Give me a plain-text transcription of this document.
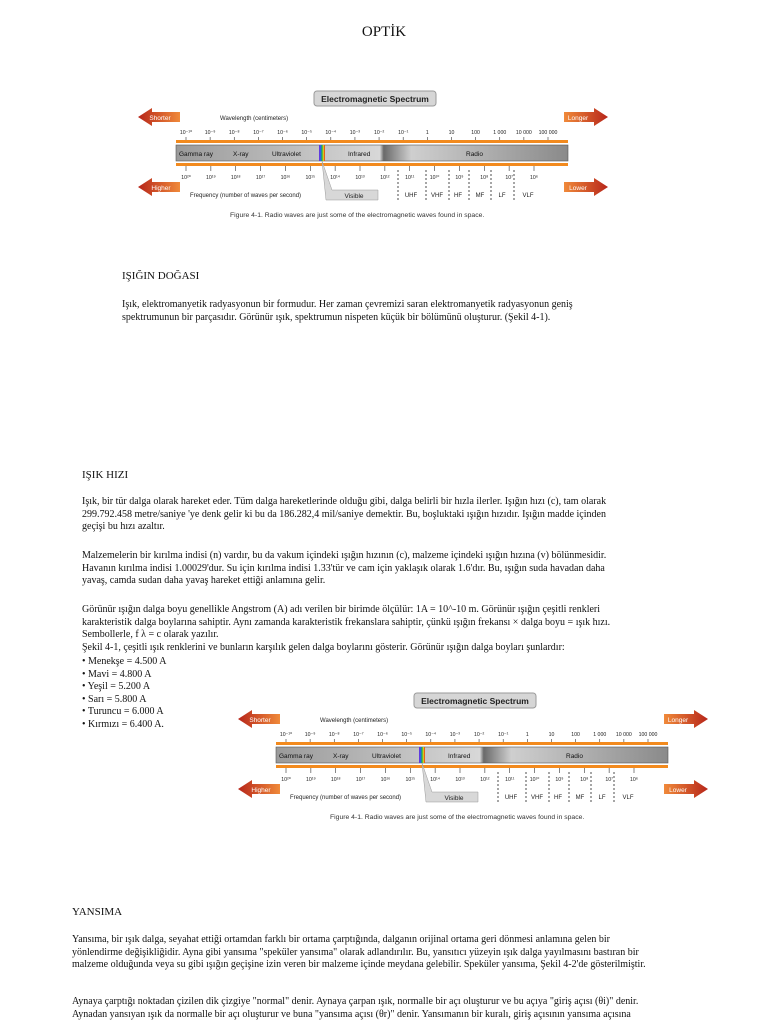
OPTİK
Electromagnetic Spectrum
Shorter	Longer
Wavelength (centimeters)
10⁻¹⁰ 10⁻⁹	10⁻⁸	10⁻⁷	10⁻⁶	10⁻⁵	10⁻⁴	10⁻³	10⁻²	10⁻¹	1	10	100	1 000 10 000 100 000
Gamma ray	X-ray	Ultraviolet	Infrared	Radio
10²⁰	10¹⁹	10¹⁸	10¹⁷	10¹⁶	10¹⁵	10¹⁴	10¹³	10¹²	10¹¹	10¹⁰	10⁹	10⁸	10⁷	10⁶
UHF VHF HF MF LF	VLF
Higher	Lower
Frequency (number of waves per second)	Visible
Figure 4-1. Radio waves are just some of the electromagnetic waves found in space.
IŞIĞIN DOĞASI
Işık, elektromanyetik radyasyonun bir formudur. Her zaman çevremizi saran elektromanyetik radyasyonun geniş
spektrumunun bir parçasıdır. Görünür ışık, spektrumun nispeten küçük bir bölümünü oluşturur. (Şekil 4-1).
IŞIK HIZI
Işık, bir tür dalga olarak hareket eder. Tüm dalga hareketlerinde olduğu gibi, dalga belirli bir hızla ilerler. Işığın hızı (c), tam olarak
299.792.458 metre/saniye 'ye denk gelir ki bu da 186.282,4 mil/saniye demektir. Bu, boşluktaki ışığın hızıdır. Işığın madde içinden
geçişi bu hızı azaltır.
Malzemelerin bir kırılma indisi (n) vardır, bu da vakum içindeki ışığın hızının (c), malzeme içindeki ışığın hızına (v) bölünmesidir.
Havanın kırılma indisi 1.00029'dur. Su için kırılma indisi 1.33'tür ve cam için yaklaşık olarak 1.6'dır. Bu, ışığın suda havadan daha
yavaş, camda sudan daha yavaş hareket ettiği anlamına gelir.
Görünür ışığın dalga boyu genellikle Angstrom (A) adı verilen bir birimde ölçülür: 1A = 10^-10 m. Görünür ışığın çeşitli renkleri
karakteristik dalga boylarına sahiptir. Aynı zamanda karakteristik frekanslara sahiptir, çünkü ışığın frekansı × dalga boyu = ışık hızı.
Sembollerle, f λ = c olarak yazılır.
Şekil 4-1, çeşitli ışık renklerini ve bunların karşılık gelen dalga boylarını gösterir. Görünür ışığın dalga boyları şunlardır:
• Menekşe = 4.500 A
• Mavi = 4.800 A
• Yeşil = 5.200 A
• Sarı = 5.800 A
• Turuncu = 6.000 A
• Kırmızı = 6.400 A.
Electromagnetic Spectrum
Shorter	Longer
Wavelength (centimeters)
10⁻¹⁰ 10⁻⁹	10⁻⁸	10⁻⁷	10⁻⁶	10⁻⁵	10⁻⁴	10⁻³	10⁻²	10⁻¹	1	10	100	1 000 10 000 100 000
Gamma ray	X-ray	Ultraviolet	Infrared	Radio
10²⁰	10¹⁹	10¹⁸	10¹⁷	10¹⁶	10¹⁵	10¹⁴	10¹³	10¹²	10¹¹	10¹⁰	10⁹	10⁸	10⁷	10⁶
UHF VHF HF MF LF	VLF
Higher	Lower
Frequency (number of waves per second)	Visible
Figure 4-1. Radio waves are just some of the electromagnetic waves found in space.
YANSIMA
Yansıma, bir ışık dalga, seyahat ettiği ortamdan farklı bir ortama çarptığında, dalganın orijinal ortama geri dönmesi anlamına gelen bir
yönlendirme değişikliğidir. Ayna gibi yansıma "speküler yansıma" olarak adlandırılır. Bu, yansıtıcı yüzeyin ışık dalga yayılmasını bastıran bir
malzeme olduğunda veya su gibi ışığın geçişine izin veren bir malzeme içinde meydana gelebilir. Speküler yansıma, Şekil 4-2'de gösterilmiştir.
Aynaya çarptığı noktadan çizilen dik çizgiye "normal" denir. Aynaya çarpan ışık, normalle bir açı oluşturur ve bu açıya "giriş açısı (θi)" denir.
Aynadan yansıyan ışık da normalle bir açı oluşturur ve buna "yansıma açısı (θr)" denir. Yansımanın bir kuralı, giriş açısının yansıma açısına
